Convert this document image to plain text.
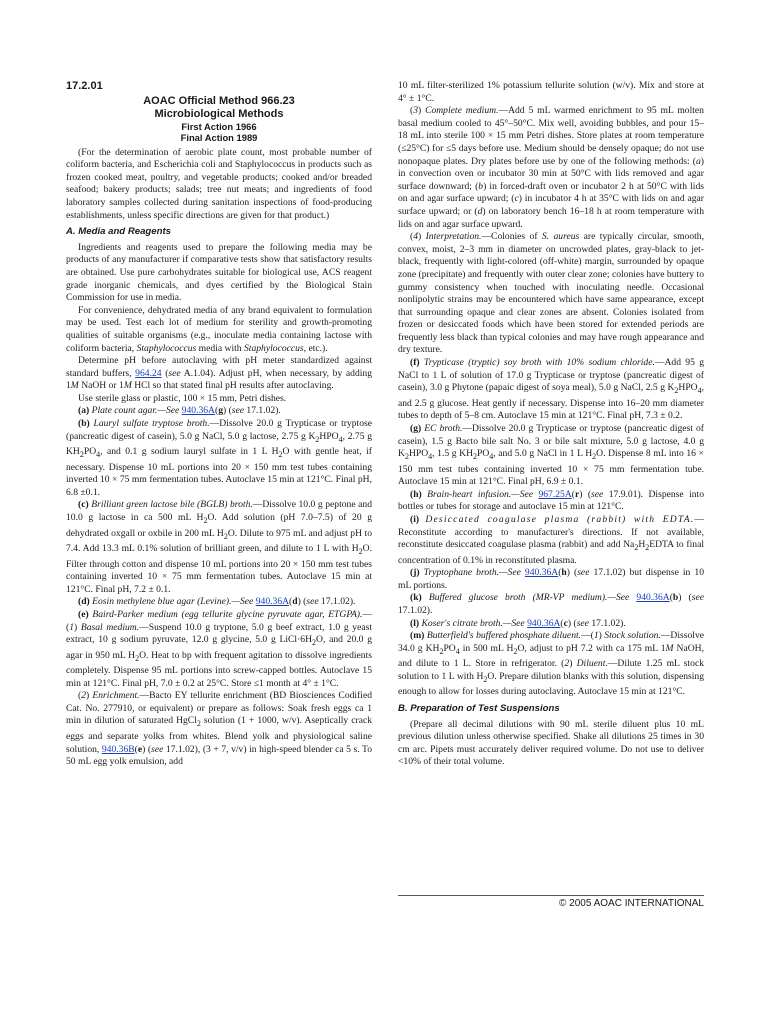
17.2.01
AOAC Official Method 966.23
Microbiological Methods
First Action 1966
Final Action 1989

(For the determination of aerobic plate count, most probable number of coliform bacteria, and Escherichia coli and Staphylococcus in products such as frozen cooked meat, poultry, and vegetable products; cooked and/or breaded seafood; bakery products; salads; tree nut meats; and ingredients of food laboratory samples collected during sanitation inspections of food-producing establishments, unless specific directions are given for that product.)

A. Media and Reagents

Ingredients and reagents used to prepare the following media may be products of any manufacturer if comparative tests show that satisfactory results are obtained. Use pure carbohydrates suitable for biological use, ACS reagent grade inorganic chemicals, and dyes certified by the Biological Stain Commission for use in media.

For convenience, dehydrated media of any brand equivalent to formulation may be used. Test each lot of medium for sterility and growth-promoting qualities of suitable organisms (e.g., inoculate media containing lactose with coliform bacteria, Staphylococcus media with Staphylococcus, etc.).

Determine pH before autoclaving with pH meter standardized against standard buffers, 964.24 (see A.1.04). Adjust pH, when necessary, by adding 1M NaOH or 1M HCl so that stated final pH results after autoclaving.

Use sterile glass or plastic, 100 × 15 mm, Petri dishes.

(a) Plate count agar.—See 940.36A(g) (see 17.1.02).

(b) Lauryl sulfate tryptose broth.—Dissolve 20.0 g Trypticase or tryptose (pancreatic digest of casein), 5.0 g NaCl, 5.0 g lactose, 2.75 g $K_2HPO_4$, 2.75 g $KH_2PO_4$, and 0.1 g sodium lauryl sulfate in 1 L $H_2O$ with gentle heat, if necessary. Dispense 10 mL portions into 20 × 150 mm test tubes containing inverted 10 × 75 mm fermentation tubes. Autoclave 15 min at 121°C. Final pH, 6.8 ±0.1.

(c) Brilliant green lactose bile (BGLB) broth.—Dissolve 10.0 g peptone and 10.0 g lactose in ca 500 mL $H_2O$. Add solution (pH 7.0–7.5) of 20 g dehydrated oxgall or oxbile in 200 mL $H_2O$. Dilute to 975 mL and adjust pH to 7.4. Add 13.3 mL 0.1% solution of brilliant green, and dilute to 1 L with $H_2O$. Filter through cotton and dispense 10 mL portions into 20 × 150 mm test tubes containing inverted 10 × 75 mm fermentation tubes. Autoclave 15 min at 121°C. Final pH, 7.2 ± 0.1.

(d) Eosin methylene blue agar (Levine).—See 940.36A(d) (see 17.1.02).

(e) Baird-Parker medium (egg tellurite glycine pyruvate agar, ETGPA).—(1) Basal medium.—Suspend 10.0 g tryptone, 5.0 g beef extract, 1.0 g yeast extract, 10 g sodium pyruvate, 12.0 g glycine, 5.0 g $LiCl\cdot 6H_2O$, and 20.0 g agar in 950 mL $H_2O$. Heat to bp with frequent agitation to dissolve ingredients completely. Dispense 95 mL portions into screw-capped bottles. Autoclave 15 min at 121°C. Final pH, 7.0 ± 0.2 at 25°C. Store ≤1 month at 4° ± 1°C.

(2) Enrichment.—Bacto EY tellurite enrichment (BD Biosciences Codified Cat. No. 277910, or equivalent) or prepare as follows: Soak fresh eggs ca 1 min in dilution of saturated HgCl$_2$ solution (1 + 1000, w/v). Aseptically crack eggs and separate yolks from whites. Blend yolk and physiological saline solution, 940.36B(e) (see 17.1.02), (3 + 7, v/v) in high-speed blender ca 5 s. To 50 mL egg yolk emulsion, add

10 mL filter-sterilized 1% potassium tellurite solution (w/v). Mix and store at 4° ± 1°C.

(3) Complete medium.—Add 5 mL warmed enrichment to 95 mL molten basal medium cooled to 45°–50°C. Mix well, avoiding bubbles, and pour 15–18 mL into sterile 100 × 15 mm Petri dishes. Store plates at room temperature (≤25°C) for ≤5 days before use. Medium should be densely opaque; do not use nonopaque plates. Dry plates before use by one of the following methods: (a) in convection oven or incubator 30 min at 50°C with lids removed and agar surface downward; (b) in forced-draft oven or incubator 2 h at 50°C with lids on and agar surface upward; (c) in incubator 4 h at 35°C with lids on and agar surface upward; or (d) on laboratory bench 16–18 h at room temperature with lids on and agar surface upward.

(4) Interpretation.—Colonies of S. aureus are typically circular, smooth, convex, moist, 2–3 mm in diameter on uncrowded plates, gray-black to jet-black, frequently with light-colored (off-white) margin, surrounded by opaque zone (precipitate) and frequently with outer clear zone; colonies have buttery to gummy consistency when touched with inoculating needle. Occasional nonlipolytic strains may be encountered which have same appearance, except that surrounding opaque and clear zones are absent. Colonies isolated from frozen or desiccated foods which have been stored for extended periods are frequently less black than typical colonies and may have rough appearance and dry texture.

(f) Trypticase (tryptic) soy broth with 10% sodium chloride.—Add 95 g NaCl to 1 L of solution of 17.0 g Trypticase or tryptose (pancreatic digest of casein), 3.0 g Phytone (papaic digest of soya meal), 5.0 g NaCl, 2.5 g $K_2HPO_4$, and 2.5 g glucose. Heat gently if necessary. Dispense into 16–20 mm diameter tubes to depth of 5–8 cm. Autoclave 15 min at 121°C. Final pH, 7.3 ± 0.2.

(g) EC broth.—Dissolve 20.0 g Trypticase or tryptose (pancreatic digest of casein), 1.5 g Bacto bile salt No. 3 or bile salt mixture, 5.0 g lactose, 4.0 g $K_2HPO_4$, 1.5 g $KH_2PO_4$, and 5.0 g NaCl in 1 L $H_2O$. Dispense 8 mL into 16 × 150 mm test tubes containing inverted 10 × 75 mm fermentation tube. Autoclave 15 min at 121°C. Final pH, 6.9 ± 0.1.

(h) Brain-heart infusion.—See 967.25A(r) (see 17.9.01). Dispense into bottles or tubes for storage and autoclave 15 min at 121°C.

(i) Desiccated coagulase plasma (rabbit) with EDTA.—Reconstitute according to manufacturer's directions. If not available, reconstitute desiccated coagulase plasma (rabbit) and add $Na_2H_2EDTA$ to final concentration of 0.1% in reconstituted plasma.

(j) Tryptophane broth.—See 940.36A(h) (see 17.1.02) but dispense in 10 mL portions.

(k) Buffered glucose broth (MR-VP medium).—See 940.36A(b) (see 17.1.02).

(l) Koser's citrate broth.—See 940.36A(c) (see 17.1.02).

(m) Butterfield's buffered phosphate diluent.—(1) Stock solution.—Dissolve 34.0 g $KH_2PO_4$ in 500 mL $H_2O$, adjust to pH 7.2 with ca 175 mL 1M NaOH, and dilute to 1 L. Store in refrigerator. (2) Diluent.—Dilute 1.25 mL stock solution to 1 L with $H_2O$. Prepare dilution blanks with this solution, dispensing enough to allow for losses during autoclaving. Autoclave 15 min at 121°C.

B. Preparation of Test Suspensions

(Prepare all decimal dilutions with 90 mL sterile diluent plus 10 mL previous dilution unless otherwise specified. Shake all dilutions 25 times in 30 cm arc. Pipets must accurately deliver required volume. Do not use to deliver <10% of their total volume.

© 2005 AOAC INTERNATIONAL
